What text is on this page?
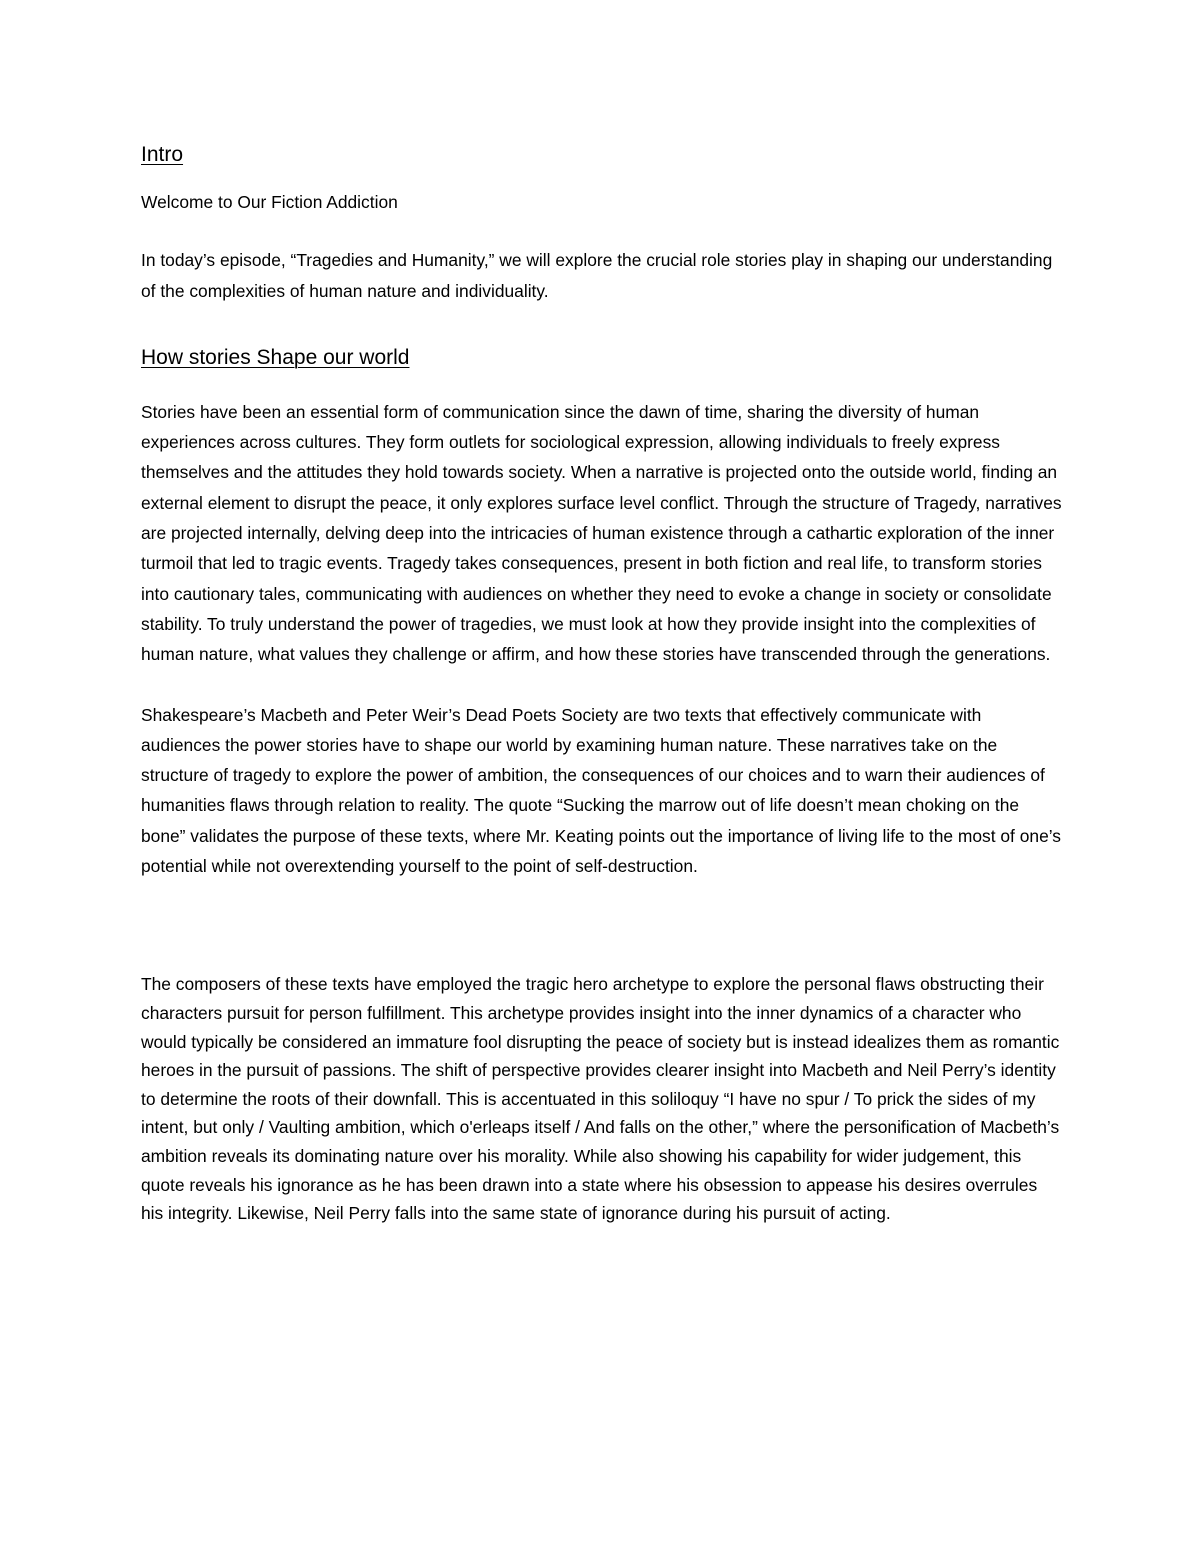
Intro

Welcome to Our Fiction Addiction

In today’s episode, “Tragedies and Humanity,” we will explore the crucial role stories play in shaping our understanding of the complexities of human nature and individuality.

How stories Shape our world

Stories have been an essential form of communication since the dawn of time, sharing the diversity of human experiences across cultures. They form outlets for sociological expression, allowing individuals to freely express themselves and the attitudes they hold towards society. When a narrative is projected onto the outside world, finding an external element to disrupt the peace, it only explores surface level conflict. Through the structure of Tragedy, narratives are projected internally, delving deep into the intricacies of human existence through a cathartic exploration of the inner turmoil that led to tragic events. Tragedy takes consequences, present in both fiction and real life, to transform stories into cautionary tales, communicating with audiences on whether they need to evoke a change in society or consolidate stability. To truly understand the power of tragedies, we must look at how they provide insight into the complexities of human nature, what values they challenge or affirm, and how these stories have transcended through the generations.

Shakespeare’s Macbeth and Peter Weir’s Dead Poets Society are two texts that effectively communicate with audiences the power stories have to shape our world by examining human nature. These narratives take on the structure of tragedy to explore the power of ambition, the consequences of our choices and to warn their audiences of humanities flaws through relation to reality. The quote “Sucking the marrow out of life doesn’t mean choking on the bone” validates the purpose of these texts, where Mr. Keating points out the importance of living life to the most of one’s potential while not overextending yourself to the point of self-destruction.

The composers of these texts have employed the tragic hero archetype to explore the personal flaws obstructing their characters pursuit for person fulfillment. This archetype provides insight into the inner dynamics of a character who would typically be considered an immature fool disrupting the peace of society but is instead idealizes them as romantic heroes in the pursuit of passions. The shift of perspective provides clearer insight into Macbeth and Neil Perry’s identity to determine the roots of their downfall. This is accentuated in this soliloquy “I have no spur / To prick the sides of my intent, but only / Vaulting ambition, which o'erleaps itself / And falls on the other,” where the personification of Macbeth’s ambition reveals its dominating nature over his morality. While also showing his capability for wider judgement, this quote reveals his ignorance as he has been drawn into a state where his obsession to appease his desires overrules his integrity. Likewise, Neil Perry falls into the same state of ignorance during his pursuit of acting.
